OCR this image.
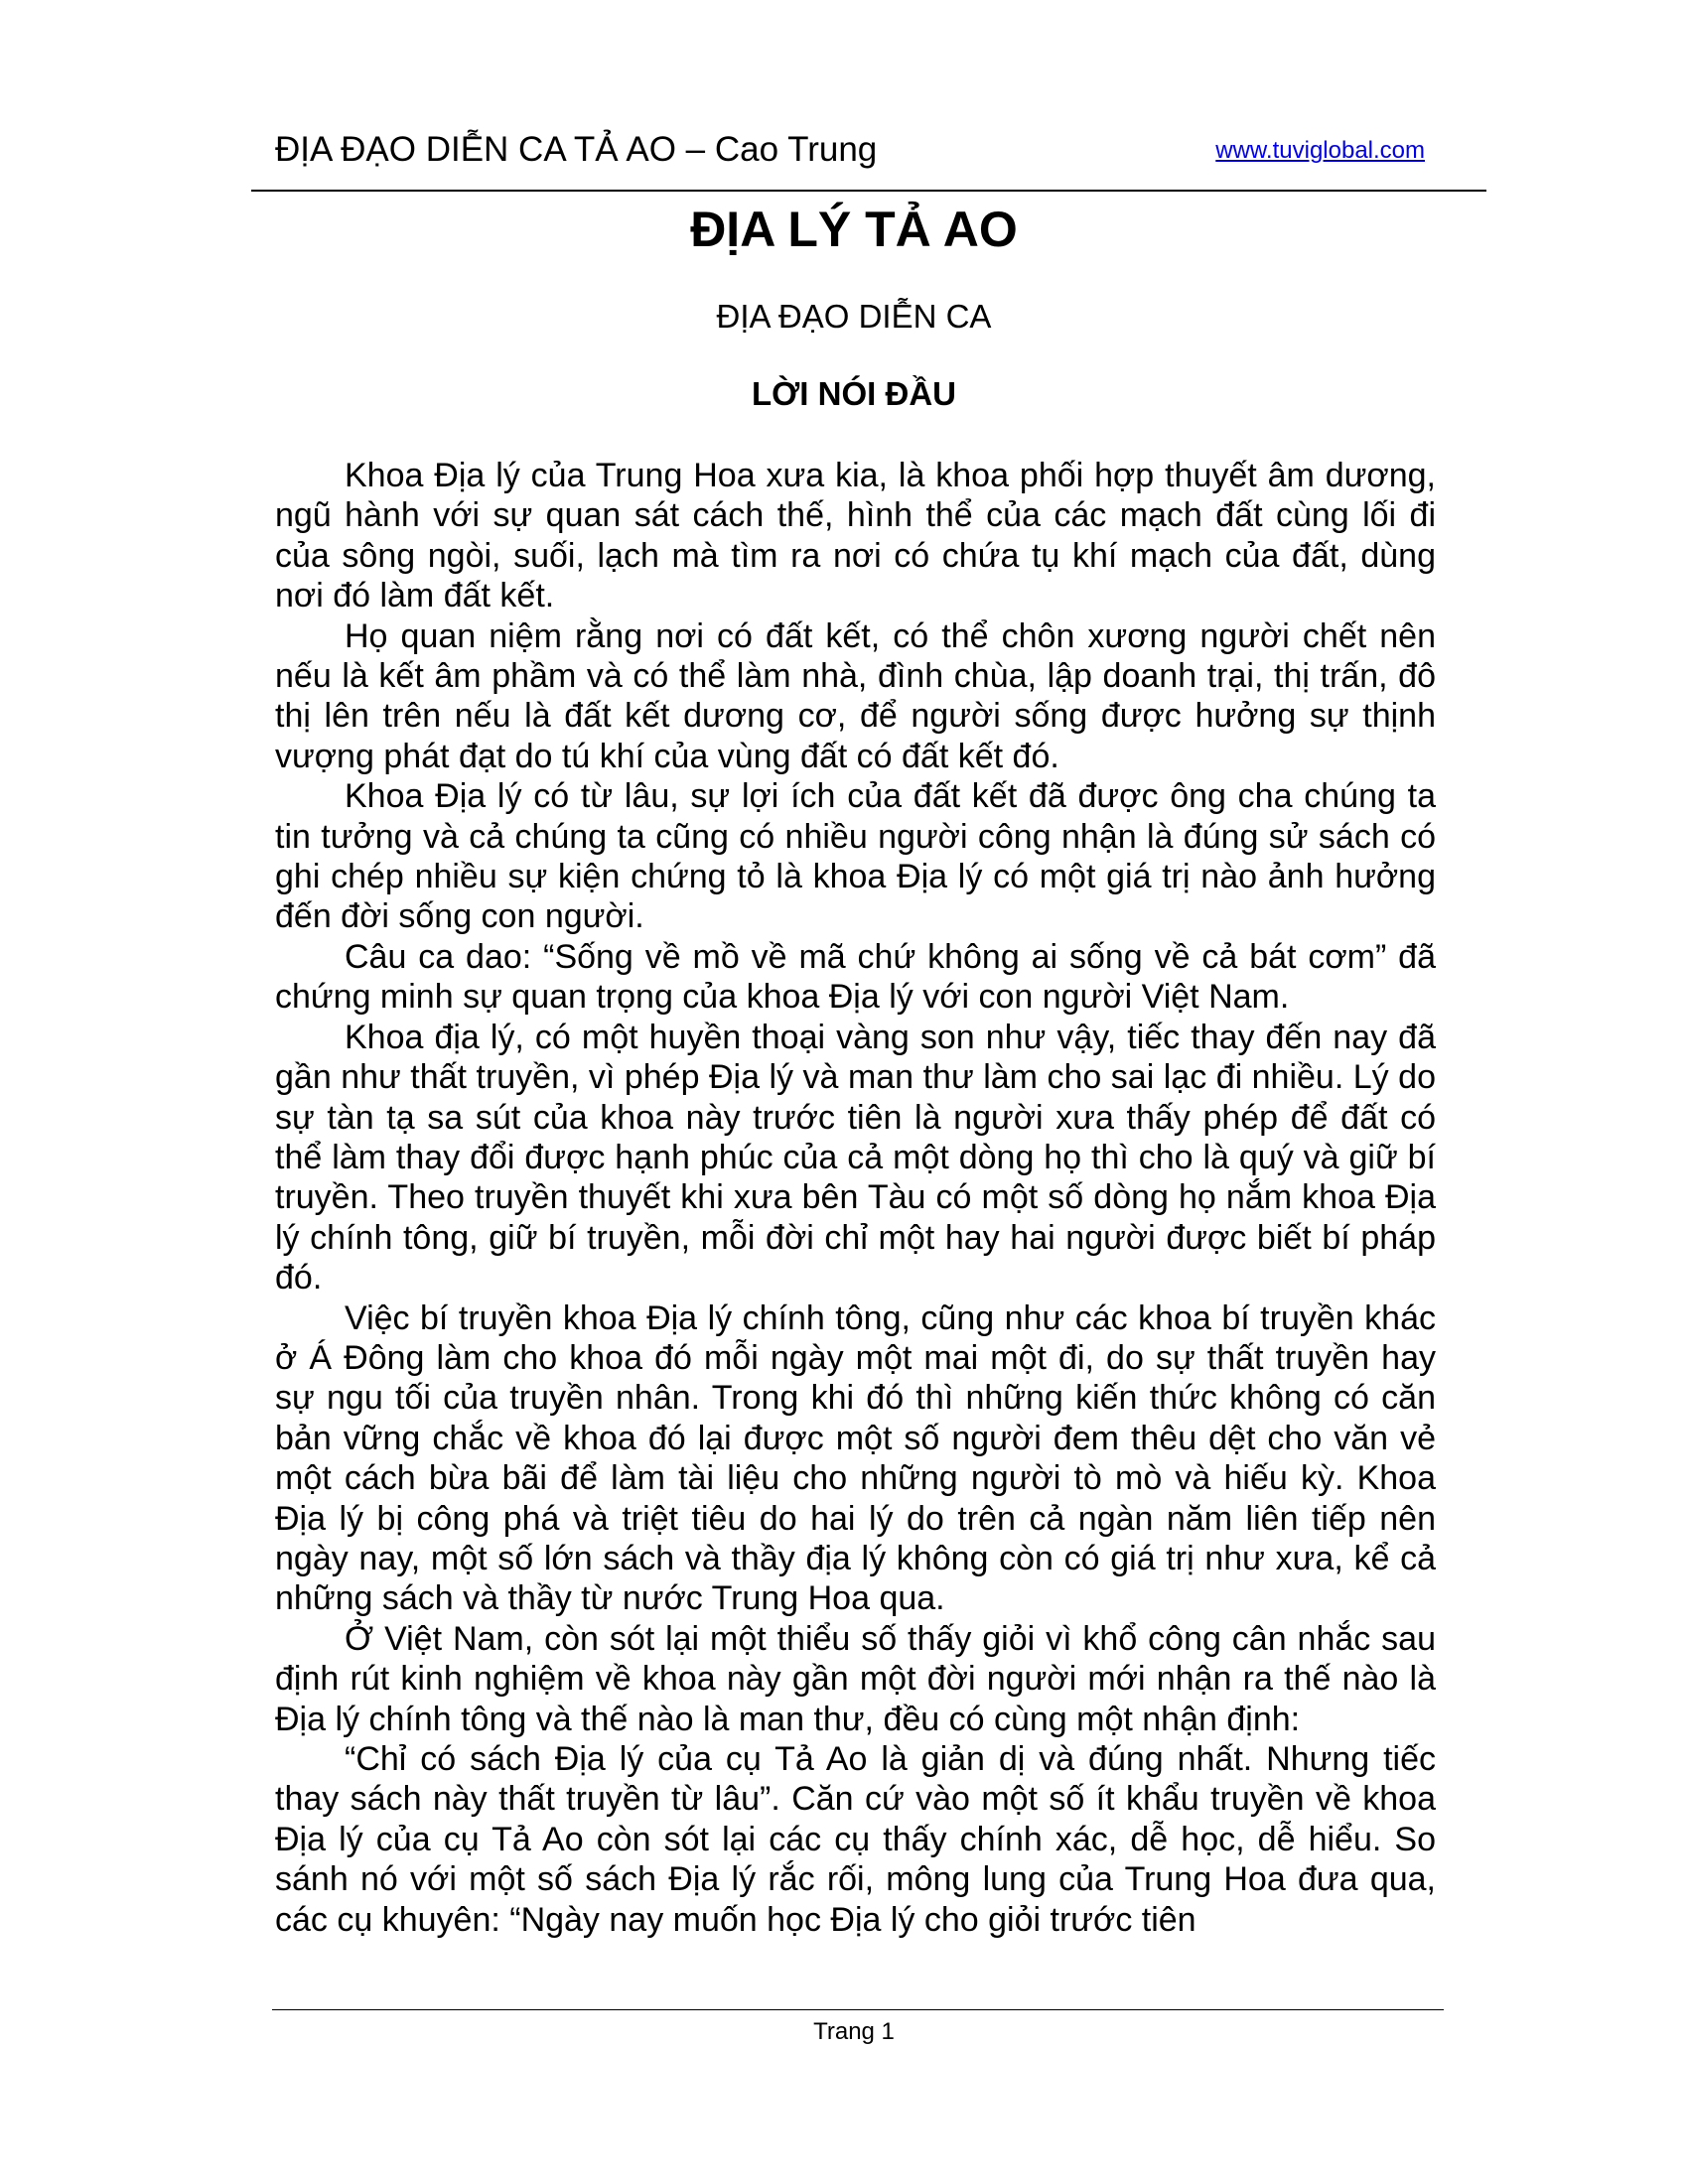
ĐỊA ĐẠO DIỄN CA TẢ AO – Cao Trung	www.tuviglobal.com
ĐỊA LÝ TẢ AO
ĐỊA ĐẠO DIỄN CA
LỜI NÓI ĐẦU

Khoa Địa lý của Trung Hoa xưa kia, là khoa phối hợp thuyết âm dương, ngũ hành với sự quan sát cách thế, hình thể của các mạch đất cùng lối đi của sông ngòi, suối, lạch mà tìm ra nơi có chứa tụ khí mạch của đất, dùng nơi đó làm đất kết.

Họ quan niệm rằng nơi có đất kết, có thể chôn xương người chết nên nếu là kết âm phầm và có thể làm nhà, đình chùa, lập doanh trại, thị trấn, đô thị lên trên nếu là đất kết dương cơ, để người sống được hưởng sự thịnh vượng phát đạt do tú khí của vùng đất có đất kết đó.

Khoa Địa lý có từ lâu, sự lợi ích của đất kết đã được ông cha chúng ta tin tưởng và cả chúng ta cũng có nhiều người công nhận là đúng sử sách có ghi chép nhiều sự kiện chứng tỏ là khoa Địa lý có một giá trị nào ảnh hưởng đến đời sống con người.

Câu ca dao: “Sống về mồ về mã chứ không ai sống về cả bát cơm” đã chứng minh sự quan trọng của khoa Địa lý với con người Việt Nam.

Khoa địa lý, có một huyền thoại vàng son như vậy, tiếc thay đến nay đã gần như thất truyền, vì phép Địa lý và man thư làm cho sai lạc đi nhiều. Lý do sự tàn tạ sa sút của khoa này trước tiên là người xưa thấy phép để đất có thể làm thay đổi được hạnh phúc của cả một dòng họ thì cho là quý và giữ bí truyền. Theo truyền thuyết khi xưa bên Tàu có một số dòng họ nắm khoa Địa lý chính tông, giữ bí truyền, mỗi đời chỉ một hay hai người được biết bí pháp đó.

Việc bí truyền khoa Địa lý chính tông, cũng như các khoa bí truyền khác ở Á Đông làm cho khoa đó mỗi ngày một mai một đi, do sự thất truyền hay sự ngu tối của truyền nhân. Trong khi đó thì những kiến thức không có căn bản vững chắc về khoa đó lại được một số người đem thêu dệt cho văn vẻ một cách bừa bãi để làm tài liệu cho những người tò mò và hiếu kỳ. Khoa Địa lý bị công phá và triệt tiêu do hai lý do trên cả ngàn năm liên tiếp nên ngày nay, một số lớn sách và thầy địa lý không còn có giá trị như xưa, kể cả những sách và thầy từ nước Trung Hoa qua.

Ở Việt Nam, còn sót lại một thiểu số thấy giỏi vì khổ công cân nhắc sau định rút kinh nghiệm về khoa này gần một đời người mới nhận ra thế nào là Địa lý chính tông và thế nào là man thư, đều có cùng một nhận định:

“Chỉ có sách Địa lý của cụ Tả Ao là giản dị và đúng nhất. Nhưng tiếc thay sách này thất truyền từ lâu”. Căn cứ vào một số ít khẩu truyền về khoa Địa lý của cụ Tả Ao còn sót lại các cụ thấy chính xác, dễ học, dễ hiểu. So sánh nó với một số sách Địa lý rắc rối, mông lung của Trung Hoa đưa qua, các cụ khuyên: “Ngày nay muốn học Địa lý cho giỏi trước tiên

Trang 1
